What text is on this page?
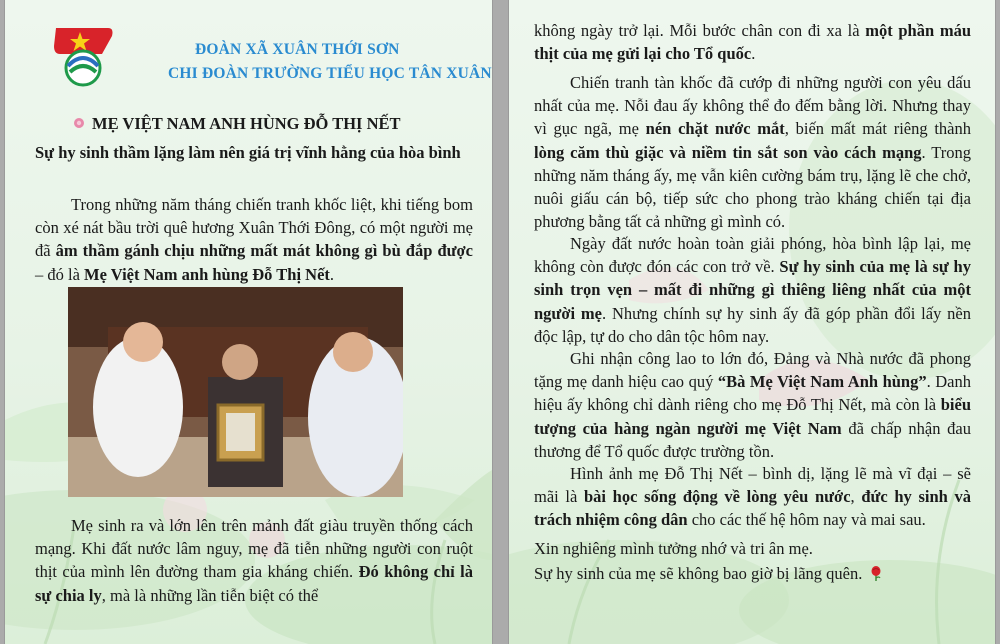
ĐOÀN XÃ XUÂN THỚI SƠN
CHI ĐOÀN TRƯỜNG TIỂU HỌC TÂN XUÂN
MẸ VIỆT NAM ANH HÙNG ĐỖ THỊ NẾT
Sự hy sinh thầm lặng làm nên giá trị vĩnh hằng của hòa bình
Trong những năm tháng chiến tranh khốc liệt, khi tiếng bom còn xé nát bầu trời quê hương Xuân Thới Đông, có một người mẹ đã âm thầm gánh chịu những mất mát không gì bù đắp được – đó là Mẹ Việt Nam anh hùng Đỗ Thị Nết.
Mẹ sinh ra và lớn lên trên mảnh đất giàu truyền thống cách mạng. Khi đất nước lâm nguy, mẹ đã tiễn những người con ruột thịt của mình lên đường tham gia kháng chiến. Đó không chỉ là sự chia ly, mà là những lần tiễn biệt có thể
không ngày trở lại. Mỗi bước chân con đi xa là một phần máu thịt của mẹ gửi lại cho Tổ quốc.
Chiến tranh tàn khốc đã cướp đi những người con yêu dấu nhất của mẹ. Nỗi đau ấy không thể đo đếm bằng lời. Nhưng thay vì gục ngã, mẹ nén chặt nước mắt, biến mất mát riêng thành lòng căm thù giặc và niềm tin sắt son vào cách mạng. Trong những năm tháng ấy, mẹ vẫn kiên cường bám trụ, lặng lẽ che chở, nuôi giấu cán bộ, tiếp sức cho phong trào kháng chiến tại địa phương bằng tất cả những gì mình có.
Ngày đất nước hoàn toàn giải phóng, hòa bình lập lại, mẹ không còn được đón các con trở về. Sự hy sinh của mẹ là sự hy sinh trọn vẹn – mất đi những gì thiêng liêng nhất của một người mẹ. Nhưng chính sự hy sinh ấy đã góp phần đổi lấy nền độc lập, tự do cho dân tộc hôm nay.
Ghi nhận công lao to lớn đó, Đảng và Nhà nước đã phong tặng mẹ danh hiệu cao quý “Bà Mẹ Việt Nam Anh hùng”. Danh hiệu ấy không chỉ dành riêng cho mẹ Đỗ Thị Nết, mà còn là biểu tượng của hàng ngàn người mẹ Việt Nam đã chấp nhận đau thương để Tổ quốc được trường tồn.
Hình ảnh mẹ Đỗ Thị Nết – bình dị, lặng lẽ mà vĩ đại – sẽ mãi là bài học sống động về lòng yêu nước, đức hy sinh và trách nhiệm công dân cho các thế hệ hôm nay và mai sau.
Xin nghiêng mình tưởng nhớ và tri ân mẹ.
Sự hy sinh của mẹ sẽ không bao giờ bị lãng quên.
